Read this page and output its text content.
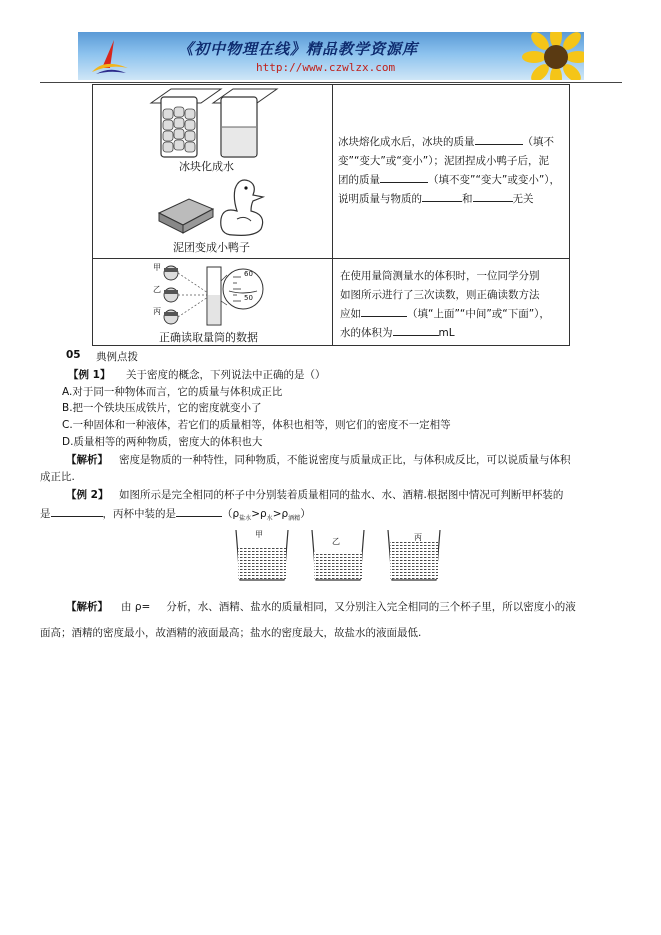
《初中物理在线》精品教学资源库
http://www.czwlzx.com
冰块化成水
泥团变成小鸭子
冰块熔化成水后，冰块的质量	（填不
变”“变大”或“变小”）；泥团捏成小鸭子后，泥
团的质量	（填不变”“变大”或变小”），
说明质量与物质的	和	无关
甲
乙
丙
60
50
正确读取量筒的数据
在使用量筒测量水的体积时，一位同学分别
如图所示进行了三次读数，则正确读数方法
应如	（填“上面”“中间”或“下面”），
水的体积为	mL
05 典例点拨
【例 1】 关于密度的概念，下列说法中正确的是（）
A.对于同一种物体而言，它的质量与体积成正比
B.把一个铁块压成铁片，它的密度就变小了
C.一种固体和一种液体，若它们的质量相等，体积也相等，则它们的密度不一定相等
D.质量相等的两种物质，密度大的体积也大
【解析】 密度是物质的一种特性，同种物质，不能说密度与质量成正比，与体积成反比，可以说质量与体积
成正比.
【例 2】 如图所示是完全相同的杯子中分别装着质量相同的盐水、水、酒精.根据图中情况可判断甲杯装的
是	，丙杯中装的是	$(\rho_{盐水}>\rho_水>\rho_{酒精})$
甲
乙	丙
【解析】 由 ρ= 分析，水、酒精、盐水的质量相同，又分别注入完全相同的三个杯子里，所以密度小的液
面高；酒精的密度最小，故酒精的液面最高；盐水的密度最大，故盐水的液面最低.
